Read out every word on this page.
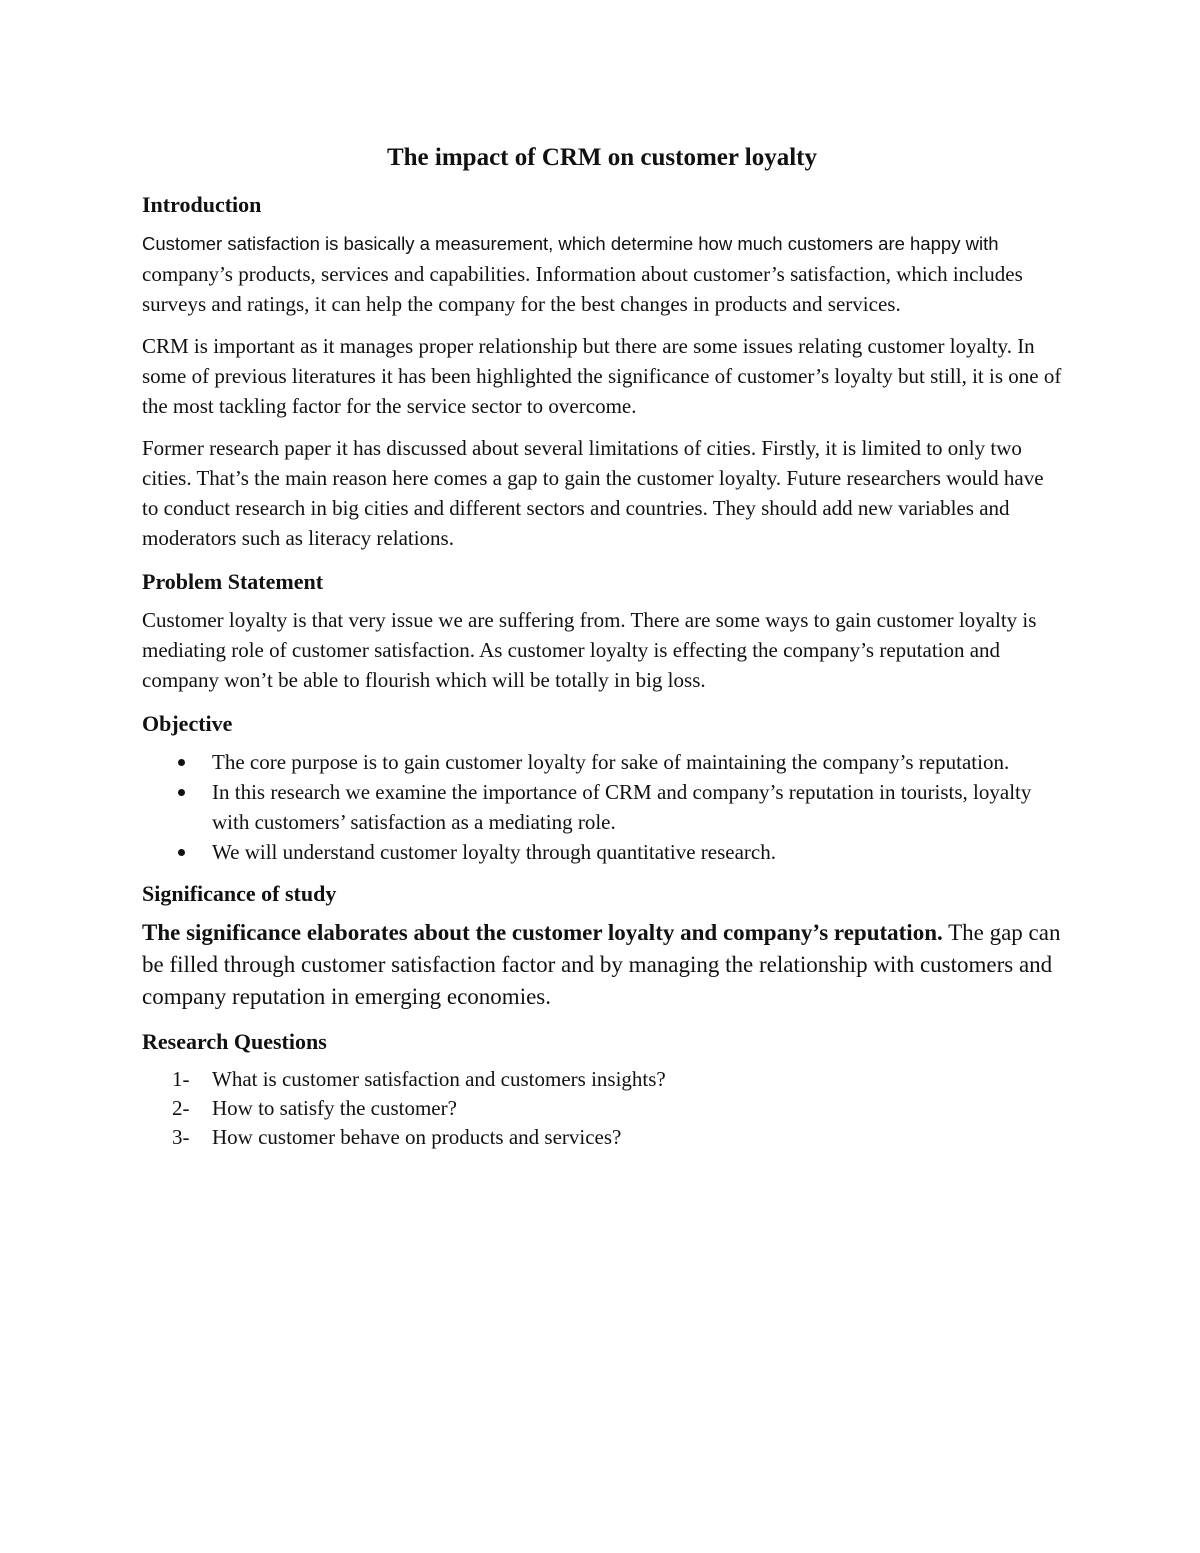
The impact of CRM on customer loyalty
Introduction

Customer satisfaction is basically a measurement, which determine how much customers are happy with company’s products, services and capabilities. Information about customer’s satisfaction, which includes surveys and ratings, it can help the company for the best changes in products and services.

CRM is important as it manages proper relationship but there are some issues relating customer loyalty. In some of previous literatures it has been highlighted the significance of customer’s loyalty but still, it is one of the most tackling factor for the service sector to overcome.

Former research paper it has discussed about several limitations of cities. Firstly, it is limited to only two cities. That’s the main reason here comes a gap to gain the customer loyalty. Future researchers would have to conduct research in big cities and different sectors and countries. They should add new variables and moderators such as literacy relations.

Problem Statement

Customer loyalty is that very issue we are suffering from. There are some ways to gain customer loyalty is mediating role of customer satisfaction. As customer loyalty is effecting the company’s reputation and company won’t be able to flourish which will be totally in big loss.

Objective
The core purpose is to gain customer loyalty for sake of maintaining the company’s reputation.
In this research we examine the importance of CRM and company’s reputation in tourists, loyalty with customers’ satisfaction as a mediating role.
We will understand customer loyalty through quantitative research.
Significance of study

The significance elaborates about the customer loyalty and company’s reputation. The gap can be filled through customer satisfaction factor and by managing the relationship with customers and company reputation in emerging economies.

Research Questions
1- What is customer satisfaction and customers insights?
2- How to satisfy the customer?
3- How customer behave on products and services?
